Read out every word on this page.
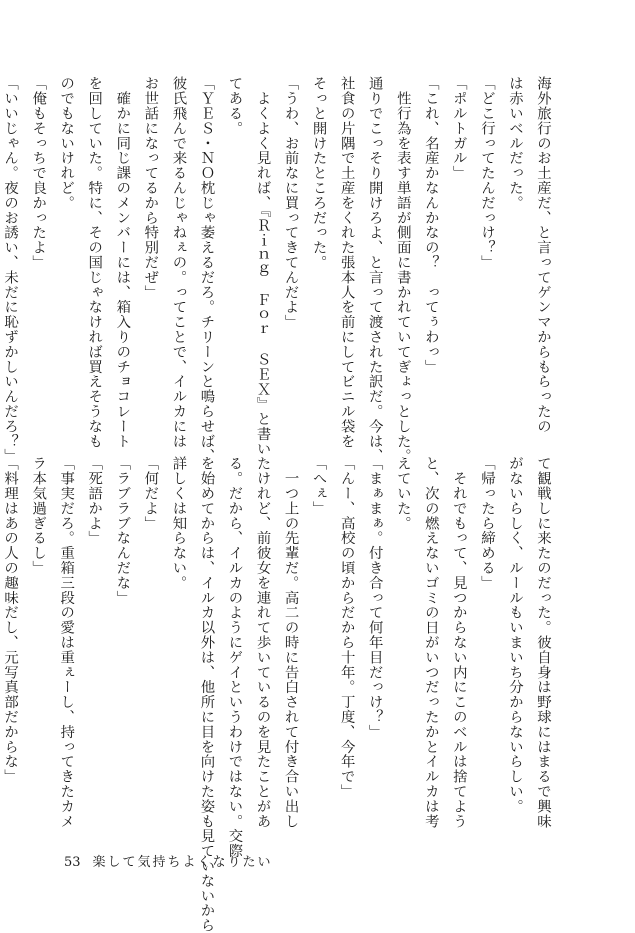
海外旅行のお土産だ、と言ってゲンマからもらったの
は赤いベルだった。
「どこ行ってたんだっけ？」
「ポルトガル」
「これ、名産かなんかなの？　ってぅわっ」
　性行為を表す単語が側面に書かれていてぎょっとした。
通りでこっそり開けろよ、と言って渡された訳だ。今は、
社食の片隅で土産をくれた張本人を前にしてビニル袋を
そっと開けたところだった。
「うわ、お前なに買ってきてんだよ」
　よくよく見れば、『Ｒｉｎｇ　Ｆｏｒ　ＳＥＸ』と書い
てある。
「ＹＥＳ・ＮＯ枕じゃ萎えるだろ。チリーンと鳴らせば、
彼氏飛んで来るんじゃねぇの。ってことで、イルカには
お世話になってるから特別だぜ」
　確かに同じ課のメンバーには、箱入りのチョコレート
を回していた。特に、その国じゃなければ買えそうなも
のでもないけれど。
「俺もそっちで良かったよ」
「いいじゃん。夜のお誘い、未だに恥ずかしいんだろ？」
て観戦しに来たのだった。彼自身は野球にはまるで興味
がないらしく、ルールもいまいち分からないらしい。
「帰ったら締める」
　それでもって、見つからない内にこのベルは捨てよう
と、次の燃えないゴミの日がいつだったかとイルカは考
えていた。
「まぁまぁ。付き合って何年目だっけ？」
「んー、高校の頃からだから十年。丁度、今年で」
「へぇ」
　一つ上の先輩だ。高二の時に告白されて付き合い出し
たけれど、前彼女を連れて歩いているのを見たことがあ
る。だから、イルカのようにゲイというわけではない。交際
を始めてからは、イルカ以外は、他所に目を向けた姿も見ていないから
詳しくは知らない。
「何だよ」
「ラブラブなんだな」
「死語かよ」
「事実だろ。重箱三段の愛は重ぇーし、持ってきたカメ
ラ本気過ぎるし」
「料理はあの人の趣味だし、元写真部だからな」
53 楽して気持ちよくなりたい
